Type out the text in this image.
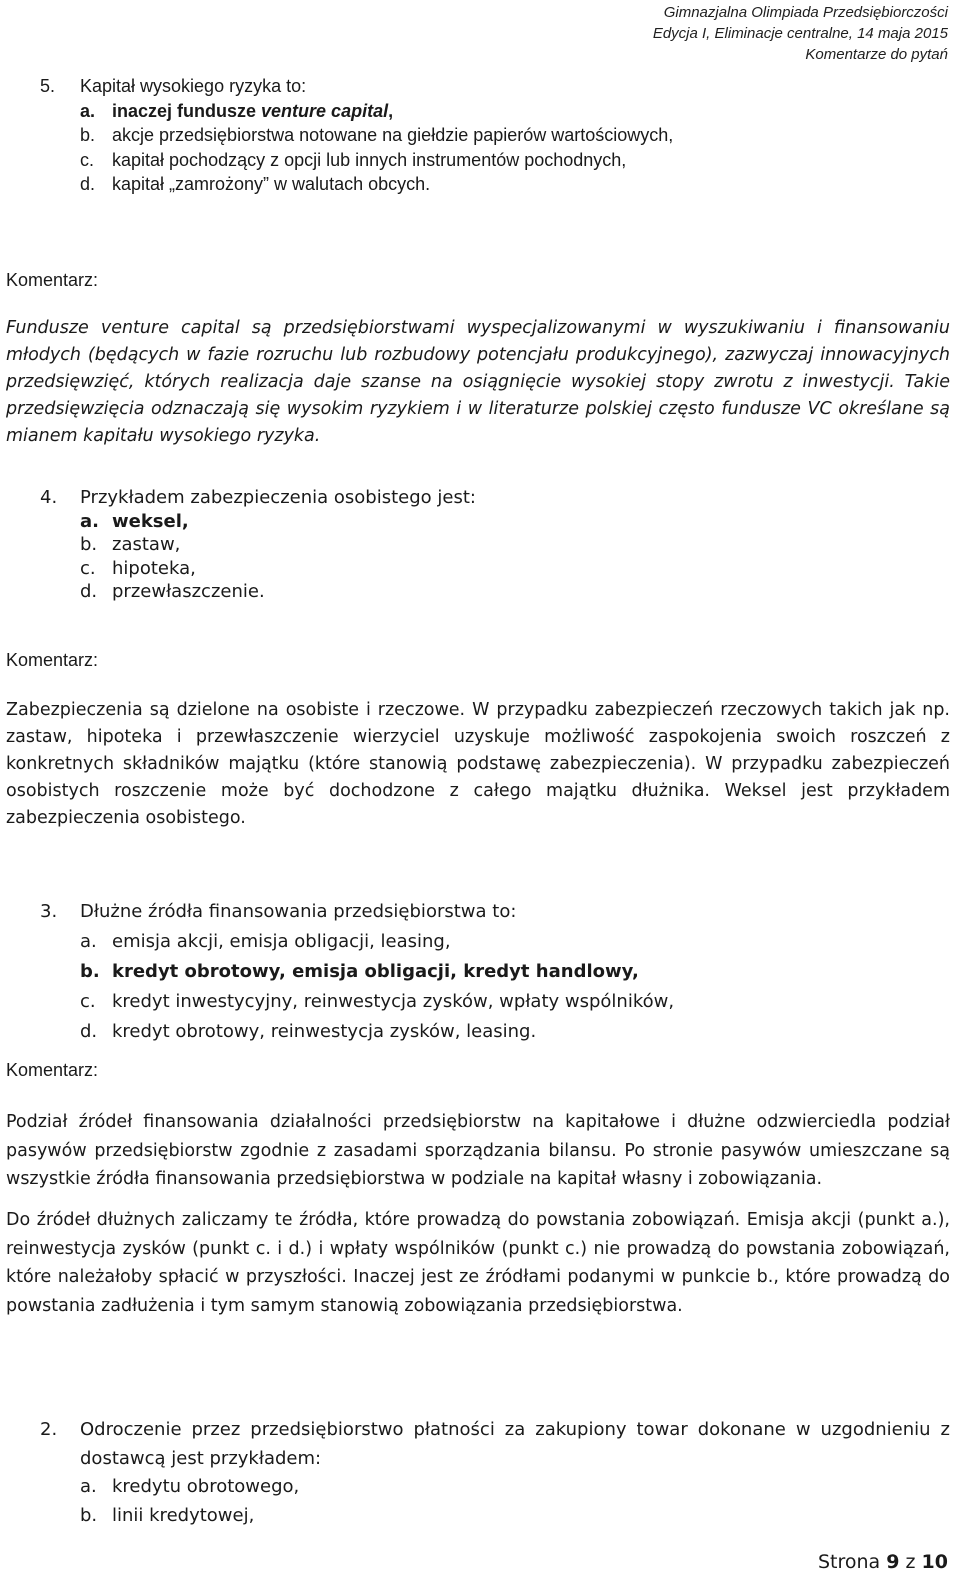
Gimnazjalna Olimpiada Przedsiębiorczości
Edycja I, Eliminacje centralne, 14 maja 2015
Komentarze do pytań
5. Kapitał wysokiego ryzyka to:
a. inaczej fundusze venture capital,
b. akcje przedsiębiorstwa notowane na giełdzie papierów wartościowych,
c. kapitał pochodzący z opcji lub innych instrumentów pochodnych,
d. kapitał „zamrożony” w walutach obcych.
Komentarz:
Fundusze venture capital są przedsiębiorstwami wyspecjalizowanymi w wyszukiwaniu i finansowaniu młodych (będących w fazie rozruchu lub rozbudowy potencjału produkcyjnego), zazwyczaj innowacyjnych przedsięwzięć, których realizacja daje szanse na osiągnięcie wysokiej stopy zwrotu z inwestycji. Takie przedsięwzięcia odznaczają się wysokim ryzykiem i w literaturze polskiej często fundusze VC określane są mianem kapitału wysokiego ryzyka.
4. Przykładem zabezpieczenia osobistego jest:
a. weksel,
b. zastaw,
c. hipoteka,
d. przewłaszczenie.
Komentarz:
Zabezpieczenia są dzielone na osobiste i rzeczowe. W przypadku zabezpieczeń rzeczowych takich jak np. zastaw, hipoteka i przewłaszczenie wierzyciel uzyskuje możliwość zaspokojenia swoich roszczeń z konkretnych składników majątku (które stanowią podstawę zabezpieczenia). W przypadku zabezpieczeń osobistych roszczenie może być dochodzone z całego majątku dłużnika. Weksel jest przykładem zabezpieczenia osobistego.
3. Dłużne źródła finansowania przedsiębiorstwa to:
a. emisja akcji, emisja obligacji, leasing,
b. kredyt obrotowy, emisja obligacji, kredyt handlowy,
c. kredyt inwestycyjny, reinwestycja zysków, wpłaty wspólników,
d. kredyt obrotowy, reinwestycja zysków, leasing.
Komentarz:
Podział źródeł finansowania działalności przedsiębiorstw na kapitałowe i dłużne odzwierciedla podział pasywów przedsiębiorstw zgodnie z zasadami sporządzania bilansu. Po stronie pasywów umieszczane są wszystkie źródła finansowania przedsiębiorstwa w podziale na kapitał własny i zobowiązania.
Do źródeł dłużnych zaliczamy te źródła, które prowadzą do powstania zobowiązań. Emisja akcji (punkt a.), reinwestycja zysków (punkt c. i d.) i wpłaty wspólników (punkt c.) nie prowadzą do powstania zobowiązań, które należałoby spłacić w przyszłości. Inaczej jest ze źródłami podanymi w punkcie b., które prowadzą do powstania zadłużenia i tym samym stanowią zobowiązania przedsiębiorstwa.
2. Odroczenie przez przedsiębiorstwo płatności za zakupiony towar dokonane w uzgodnieniu z dostawcą jest przykładem:
a. kredytu obrotowego,
b. linii kredytowej,
Strona 9 z 10
